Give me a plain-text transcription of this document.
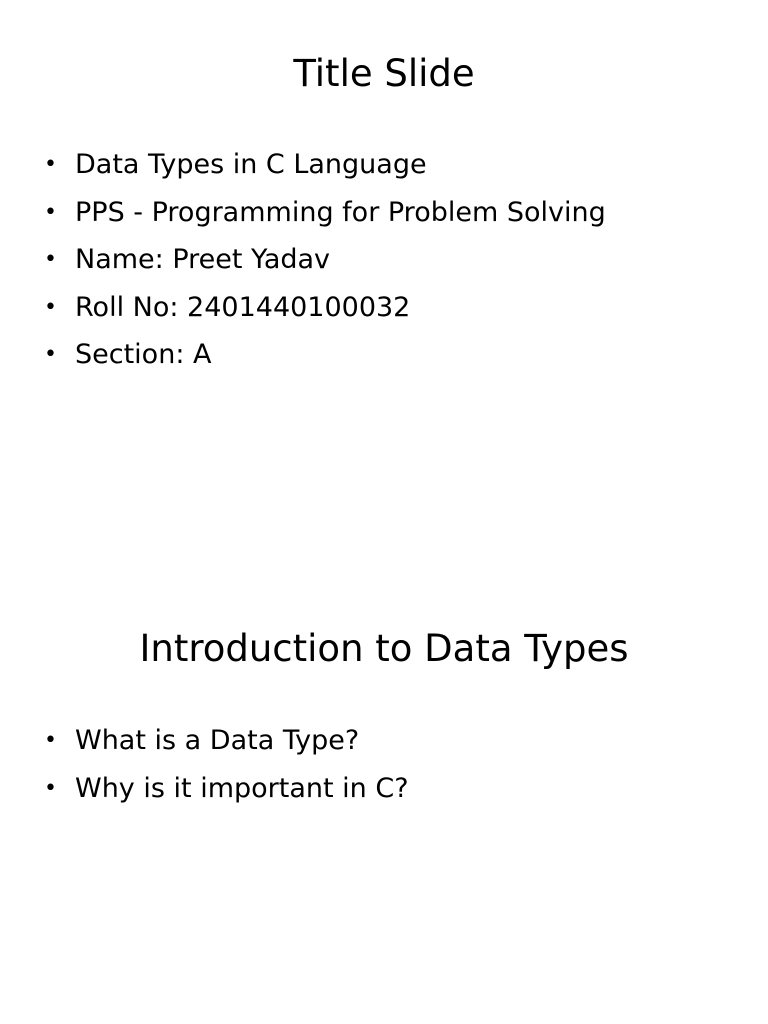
Title Slide
• Data Types in C Language
• PPS - Programming for Problem Solving
• Name: Preet Yadav
• Roll No: 2401440100032
• Section: A
Introduction to Data Types
• What is a Data Type?
• Why is it important in C?
